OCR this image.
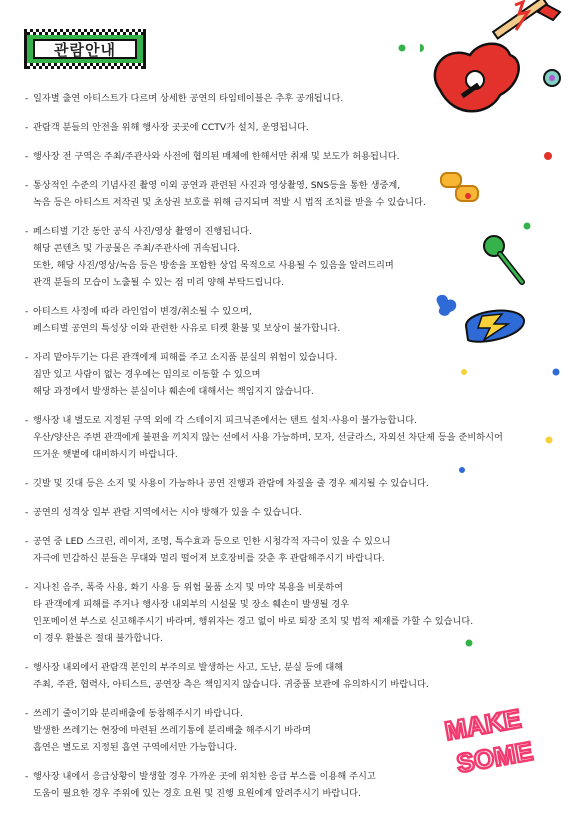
관람안내
- 일자별 출연 아티스트가 다르며 상세한 공연의 타임테이블은 추후 공개됩니다.
- 관람객 분들의 안전을 위해 행사장 곳곳에 CCTV가 설치, 운영됩니다.
- 행사장 전 구역은 주최/주관사와 사전에 협의된 매체에 한해서만 취재 및 보도가 허용됩니다.
- 통상적인 수준의 기념사진 촬영 이외 공연과 관련된 사진과 영상촬영, SNS등을 통한 생중계,
녹음 등은 아티스트 저작권 및 초상권 보호를 위해 금지되며 적발 시 법적 조치를 받을 수 있습니다.
- 페스티벌 기간 동안 공식 사진/영상 촬영이 진행됩니다.
해당 콘텐츠 및 가공물은 주최/주관사에 귀속됩니다.
또한, 해당 사진/영상/녹음 등은 방송을 포함한 상업 목적으로 사용될 수 있음을 알려드리며
관객 분들의 모습이 노출될 수 있는 점 미리 양해 부탁드립니다.
- 아티스트 사정에 따라 라인업이 변경/취소될 수 있으며,
페스티벌 공연의 특성상 이와 관련한 사유로 티켓 환불 및 보상이 불가합니다.
- 자리 맡아두기는 다른 관객에게 피해를 주고 소지품 분실의 위험이 있습니다.
짐만 있고 사람이 없는 경우에는 임의로 이동할 수 있으며
해당 과정에서 발생하는 분실이나 훼손에 대해서는 책임지지 않습니다.
- 행사장 내 별도로 지정된 구역 외에 각 스테이지 피크닉존에서는 텐트 설치·사용이 불가능합니다.
우산/양산은 주변 관객에게 불편을 끼치지 않는 선에서 사용 가능하며, 모자, 선글라스, 자외선 차단제 등을 준비하시어
뜨거운 햇볕에 대비하시기 바랍니다.
- 깃발 및 깃대 등은 소지 및 사용이 가능하나 공연 진행과 관람에 차질을 줄 경우 제지될 수 있습니다.
- 공연의 성격상 일부 관람 지역에서는 시야 방해가 있을 수 있습니다.
- 공연 중 LED 스크린, 레이저, 조명, 특수효과 등으로 인한 시청각적 자극이 있을 수 있으니
자극에 민감하신 분들은 무대와 멀리 떨어져 보호장비를 갖춘 후 관람해주시기 바랍니다.
- 지나친 음주, 폭죽 사용, 화기 사용 등 위험 물품 소지 및 마약 복용을 비롯하여
타 관객에게 피해를 주거나 행사장 내외부의 시설물 및 장소 훼손이 발생될 경우
인포메이션 부스로 신고해주시기 바라며, 행위자는 경고 없이 바로 퇴장 조치 및 법적 제재를 가할 수 있습니다.
이 경우 환불은 절대 불가합니다.
- 행사장 내외에서 관람객 본인의 부주의로 발생하는 사고, 도난, 분실 등에 대해
주최, 주관, 협력사, 아티스트, 공연장 측은 책임지지 않습니다. 귀중품 보관에 유의하시기 바랍니다.
- 쓰레기 줄이기와 분리배출에 동참해주시기 바랍니다.
발생한 쓰레기는 현장에 마련된 쓰레기통에 분리배출 해주시기 바라며
흡연은 별도로 지정된 흡연 구역에서만 가능합니다.
- 행사장 내에서 응급상황이 발생할 경우 가까운 곳에 위치한 응급 부스를 이용해 주시고
도움이 필요한 경우 주위에 있는 경호 요원 및 진행 요원에게 알려주시기 바랍니다.
MAKE
SOME
